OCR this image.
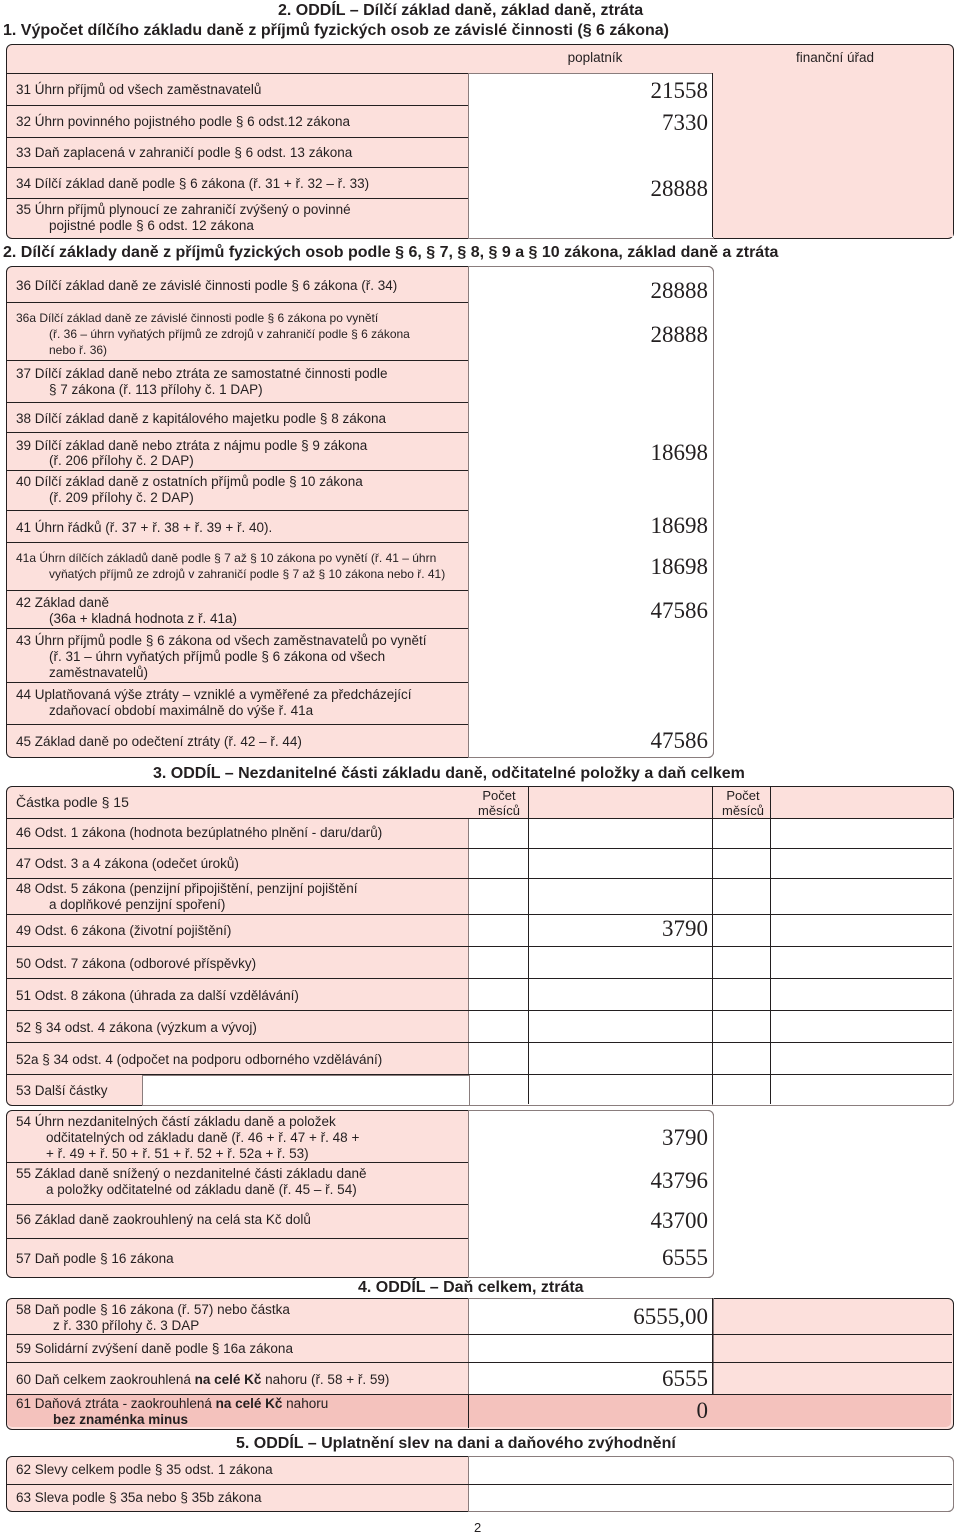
2. ODDÍL – Dílčí základ daně, základ daně, ztráta
1. Výpočet dílčího základu daně z příjmů fyzických osob ze závislé činnosti (§ 6 zákona)
poplatník	finanční úřad
31 Úhrn příjmů od všech zaměstnavatelů	21558
32 Úhrn povinného pojistného podle § 6 odst.12 zákona	7330
33 Daň zaplacená v zahraničí podle § 6 odst. 13 zákona
34 Dílčí základ daně podle § 6 zákona (ř. 31 + ř. 32 – ř. 33)	28888
35 Úhrn příjmů plynoucí ze zahraničí zvýšený o povinné
pojistné podle § 6 odst. 12 zákona
2. Dílčí základy daně z příjmů fyzických osob podle § 6, § 7, § 8, § 9 a § 10 zákona, základ daně a ztráta
36 Dílčí základ daně ze závislé činnosti podle § 6 zákona (ř. 34)	28888
36a Dílčí základ daně ze závislé činnosti podle § 6 zákona po vynětí
(ř. 36 – úhrn vyňatých příjmů ze zdrojů v zahraničí podle § 6 zákona
nebo ř. 36)
28888
37 Dílčí základ daně nebo ztráta ze samostatné činnosti podle
§ 7 zákona (ř. 113 přílohy č. 1 DAP)
38 Dílčí základ daně z kapitálového majetku podle § 8 zákona
39 Dílčí základ daně nebo ztráta z nájmu podle § 9 zákona
(ř. 206 přílohy č. 2 DAP)	18698
40 Dílčí základ daně z ostatních příjmů podle § 10 zákona
(ř. 209 přílohy č. 2 DAP)
41 Úhrn řádků (ř. 37 + ř. 38 + ř. 39 + ř. 40).	18698
41a Úhrn dílčích základů daně podle § 7 až § 10 zákona po vynětí (ř. 41 – úhrn
vyňatých příjmů ze zdrojů v zahraničí podle § 7 až § 10 zákona nebo ř. 41)	18698
42 Základ daně
(36a + kladná hodnota z ř. 41a)	47586
43 Úhrn příjmů podle § 6 zákona od všech zaměstnavatelů po vynětí
(ř. 31 – úhrn vyňatých příjmů podle § 6 zákona od všech
zaměstnavatelů)
44 Uplatňovaná výše ztráty – vzniklé a vyměřené za předcházející
zdaňovací období maximálně do výše ř. 41a
45 Základ daně po odečtení ztráty (ř. 42 – ř. 44)	47586
3. ODDÍL – Nezdanitelné části základu daně, odčitatelné položky a daň celkem
Částka podle § 15	Počet
měsíců
Počet
měsíců
46 Odst. 1 zákona (hodnota bezúplatného plnění - daru/darů)
47 Odst. 3 a 4 zákona (odečet úroků)
48 Odst. 5 zákona (penzijní připojištění, penzijní pojištění
a doplňkové penzijní spoření)
49 Odst. 6 zákona (životní pojištění)	3790
50 Odst. 7 zákona (odborové příspěvky)
51 Odst. 8 zákona (úhrada za další vzdělávání)
52 § 34 odst. 4 zákona (výzkum a vývoj)
52a § 34 odst. 4 (odpočet na podporu odborného vzdělávání)
53 Další částky
54 Úhrn nezdanitelných částí základu daně a položek
odčitatelných od základu daně (ř. 46 + ř. 47 + ř. 48 +
+ ř. 49 + ř. 50 + ř. 51 + ř. 52 + ř. 52a + ř. 53)
3790
55 Základ daně snížený o nezdanitelné části základu daně
a položky odčitatelné od základu daně (ř. 45 – ř. 54)	43796
56 Základ daně zaokrouhlený na celá sta Kč dolů	43700
57 Daň podle § 16 zákona	6555
4. ODDÍL – Daň celkem, ztráta
58 Daň podle § 16 zákona (ř. 57) nebo částka
z ř. 330 přílohy č. 3 DAP	6555,00
59 Solidární zvýšení daně podle § 16a zákona
60 Daň celkem zaokrouhlená na celé Kč nahoru (ř. 58 + ř. 59)	6555
61 Daňová ztráta - zaokrouhlená na celé Kč nahoru
bez znaménka minus	0
5. ODDÍL – Uplatnění slev na dani a daňového zvýhodnění
62 Slevy celkem podle § 35 odst. 1 zákona
63 Sleva podle § 35a nebo § 35b zákona
2
